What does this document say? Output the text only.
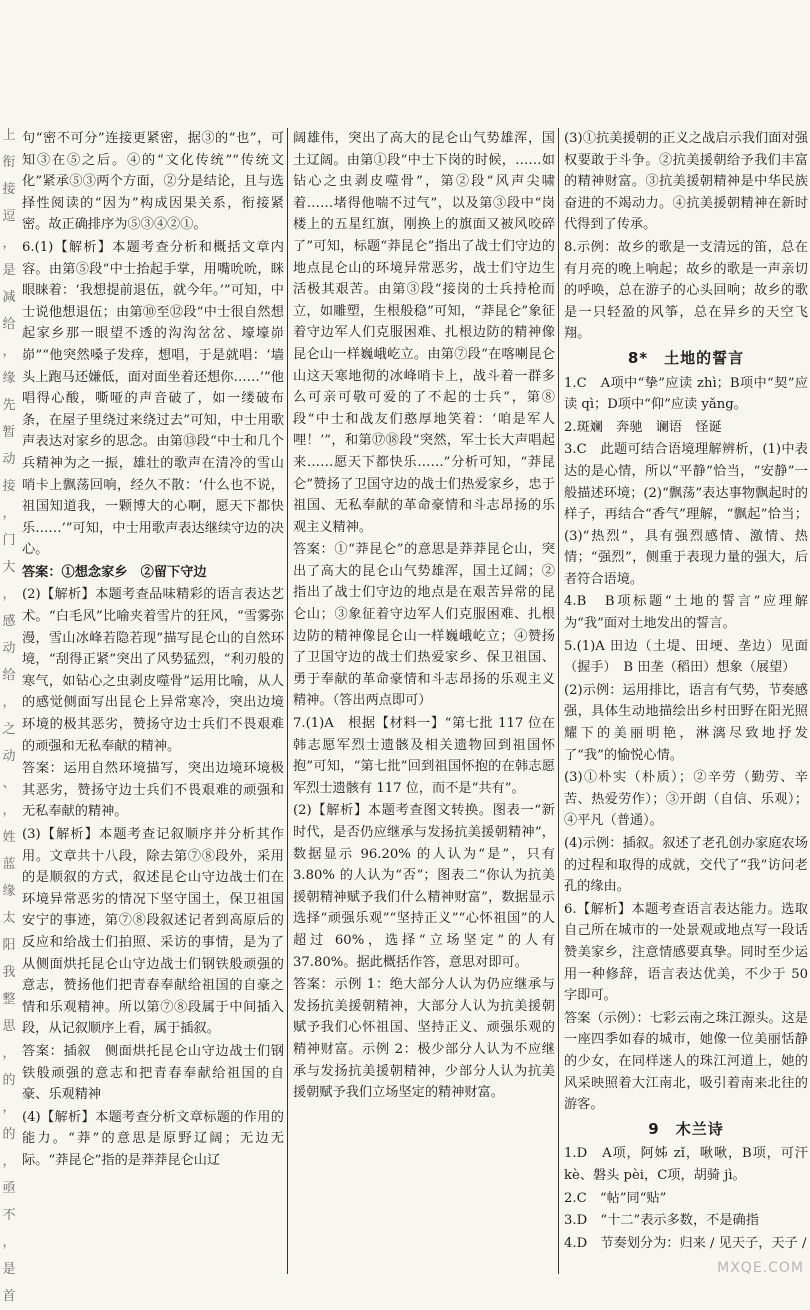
上
衔
接
逗
，
是
减
给
，
缘
先
暂
动
接
，
门
大
，
感
动
给
，
之
动
、
，
姓
蓝
缘
太
阳
我
整
思
，
的
，
的
，
亟
不
，
是
首

句“密不可分”连接更紧密，据③的“也”，可知③在⑤之后。④的“文化传统”“传统文化”紧承⑤③两个方面，②分是结论，且与选择性阅读的“因为”构成因果关系，衔接紧密。故正确排序为⑤③④②①。

6.(1)【解析】本题考查分析和概括文章内容。由第⑤段“中士抬起手掌，用嘴吮吮，眯眼睐着：‘我想提前退伍，就今年。’”可知，中士说他想退伍；由第⑩至⑫段“中士很自然想起家乡那一眼望不透的沟沟岔岔、壕壕峁峁”“他突然嗓子发痒，想唱，于是就唱：‘墙头上跑马还嫌低，面对面坐着还想你……’”他唱得心酸，嘶哑的声音破了，如一缕破布条，在屋子里绕过来绕过去”可知，中士用歌声表达对家乡的思念。由第⑬段“中士和几个兵精神为之一振，雄壮的歌声在清冷的雪山哨卡上飘荡回响，经久不散：‘什么也不说，祖国知道我，一颗博大的心啊，愿天下都快乐……’”可知，中士用歌声表达继续守边的决心。

答案：①想念家乡　②留下守边

(2)【解析】本题考查品味精彩的语言表达艺术。“白毛风”比喻夹着雪片的狂风，“雪雾弥漫，雪山冰峰若隐若现”描写昆仑山的自然环境，“刮得正紧”突出了风势猛烈，“利刃般的寒气，如钻心之虫剥皮噬骨”运用比喻，从人的感觉侧面写出昆仑上异常寒冷，突出边境环境的极其恶劣，赞扬守边士兵们不畏艰难的顽强和无私奉献的精神。

答案：运用自然环境描写，突出边境环境极其恶劣，赞扬守边士兵们不畏艰难的顽强和无私奉献的精神。

(3)【解析】本题考查记叙顺序并分析其作用。文章共十八段，除去第⑦⑧段外，采用的是顺叙的方式，叙述昆仑山守边战士们在环境异常恶劣的情况下坚守国土，保卫祖国安宁的事迹，第⑦⑧段叙述记者到高原后的反应和给战士们拍照、采访的事情，是为了从侧面烘托昆仑山守边战士们钢铁般顽强的意志，赞扬他们把青春奉献给祖国的自豪之情和乐观精神。所以第⑦⑧段属于中间插入段，从记叙顺序上看，属于插叙。

答案：插叙　侧面烘托昆仑山守边战士们钢铁般顽强的意志和把青春奉献给祖国的自豪、乐观精神

(4)【解析】本题考查分析文章标题的作用的能力。“莽”的意思是原野辽阔；无边无际。“莽昆仑”指的是莽莽昆仑山辽

阔雄伟，突出了高大的昆仑山气势雄浑，国土辽阔。由第①段“中士下岗的时候，……如钻心之虫剥皮噬骨”，第②段“风声尖啸着……堵得他喘不过气”，以及第③段中“岗楼上的五星红旗，刚换上的旗面又被风咬碎了”可知，标题“莽昆仑”指出了战士们守边的地点昆仑山的环境异常恶劣，战士们守边生活极其艰苦。由第③段“接岗的士兵持枪而立，如雕塑，生根般稳”可知，“莽昆仑”象征着守边军人们克服困难、扎根边防的精神像昆仑山一样巍峨屹立。由第⑦段“在喀喇昆仑山这天寒地彻的冰峰哨卡上，战斗着一群多么可亲可敬可爱的了不起的士兵”，第⑧段“中士和战友们憨厚地笑着：‘咱是军人哩！’”，和第⑰⑱段“突然，军士长大声唱起来……愿天下都快乐……”分析可知，“莽昆仑”赞扬了卫国守边的战士们热爱家乡，忠于祖国、无私奉献的革命豪情和斗志昂扬的乐观主义精神。

答案：①“莽昆仑”的意思是莽莽昆仑山，突出了高大的昆仑山气势雄浑，国土辽阔；②指出了战士们守边的地点是在艰苦异常的昆仑山；③象征着守边军人们克服困难、扎根边防的精神像昆仑山一样巍峨屹立；④赞扬了卫国守边的战士们热爱家乡、保卫祖国、勇于奉献的革命豪情和斗志昂扬的乐观主义精神。（答出两点即可）

7.(1)A　根据【材料一】“第七批 117 位在韩志愿军烈士遗骸及相关遗物回到祖国怀抱”可知，“第七批”回到祖国怀抱的在韩志愿军烈士遗骸有 117 位，而不是“共有”。

(2)【解析】本题考查图文转换。图表一“新时代，是否仍应继承与发扬抗美援朝精神”，数据显示 96.20% 的人认为“是”，只有 3.80% 的人认为“否”；图表二“你认为抗美援朝精神赋予我们什么精神财富”，数据显示选择“顽强乐观”“坚持正义”“心怀祖国”的人超过 60%，选择“立场坚定”的人有 37.80%。据此概括作答，意思对即可。

答案：示例 1：绝大部分人认为仍应继承与发扬抗美援朝精神，大部分人认为抗美援朝赋予我们心怀祖国、坚持正义、顽强乐观的精神财富。示例 2：极少部分人认为不应继承与发扬抗美援朝精神，少部分人认为抗美援朝赋予我们立场坚定的精神财富。

(3)①抗美援朝的正义之战启示我们面对强权要敢于斗争。②抗美援朝给予我们丰富的精神财富。③抗美援朝精神是中华民族奋进的不竭动力。④抗美援朝精神在新时代得到了传承。

8.示例：故乡的歌是一支清远的笛，总在有月亮的晚上响起；故乡的歌是一声亲切的呼唤，总在游子的心头回响；故乡的歌是一只轻盈的风筝，总在异乡的天空飞翔。

8*　土地的誓言

1.C　A项中“挚”应读 zhì；B项中“契”应读 qì；D项中“仰”应读 yǎng。

2.斑斓　奔驰　谰语　怪诞

3.C　此题可结合语境理解辨析，(1)中表达的是心情，所以“平静”恰当，“安静”一般描述环境；(2)“飘荡”表达事物飘起时的样子，再结合“香气”理解，“飘起”恰当；(3)“热烈”，具有强烈感情、激情、热情；“强烈”，侧重于表现力量的强大，后者符合语境。

4.B　B项标题“土地的誓言”应理解为“我”面对土地发出的誓言。

5.(1)A 田边（土堤、田埂、垄边）见面（握手）　B 田垄（稻田）想象（展望）

(2)示例：运用排比，语言有气势，节奏感强，具体生动地描绘出乡村田野在阳光照耀下的美丽明艳，淋漓尽致地抒发了“我”的愉悦心情。

(3)①朴实（朴质）；②辛劳（勤劳、辛苦、热爱劳作）；③开朗（自信、乐观）；④平凡（普通）。

(4)示例：插叙。叙述了老孔创办家庭农场的过程和取得的成就，交代了“我”访问老孔的缘由。

6.【解析】本题考查语言表达能力。选取自己所在城市的一处景观或地点写一段话赞美家乡，注意情感要真挚。同时至少运用一种修辞，语言表达优美，不少于 50 字即可。

答案（示例）：七彩云南之珠江源头。这是一座四季如春的城市，她像一位美丽恬静的少女，在同样迷人的珠江河道上，她的风采映照着大江南北，吸引着南来北往的游客。

9　木兰诗

1.D　A项，阿姊 zǐ，啾啾，B项，可汗 kè、磐头 pèi，C项，胡骑 jì。

2.C　“帖”同“贴”

3.D　“十二”表示多数，不是确指

4.D　节奏划分为：归来 / 见天子，天子 /

MXQE.COM
